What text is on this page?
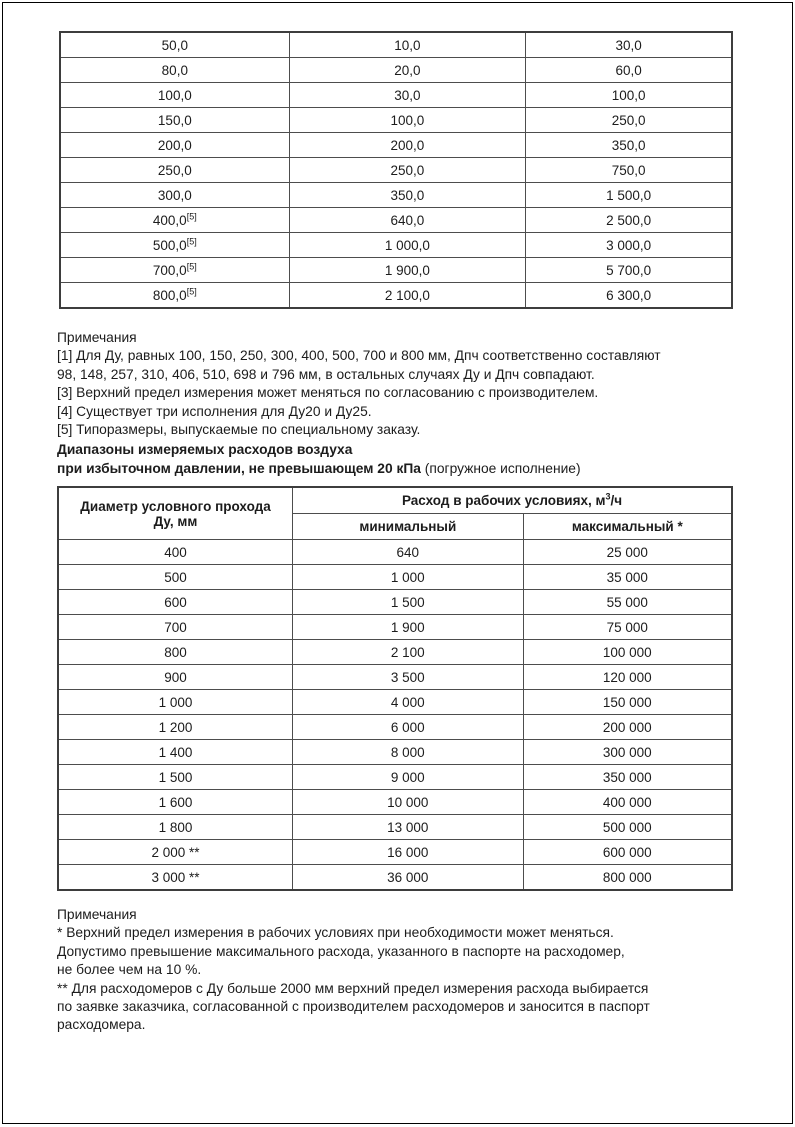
50,0	10,0	30,0
80,0	20,0	60,0
100,0	30,0	100,0
150,0	100,0	250,0
200,0	200,0	350,0
250,0	250,0	750,0
300,0	350,0	1 500,0
400,0[5]	640,0	2 500,0
500,0[5]	1 000,0	3 000,0
700,0[5]	1 900,0	5 700,0
800,0[5]	2 100,0	6 300,0
Примечания
[1] Для Ду, равных 100, 150, 250, 300, 400, 500, 700 и 800 мм, Дпч соответственно составляют
98, 148, 257, 310, 406, 510, 698 и 796 мм, в остальных случаях Ду и Дпч совпадают.
[3] Верхний предел измерения может меняться по согласованию с производителем.
[4] Существует три исполнения для Ду20 и Ду25.
[5] Типоразмеры, выпускаемые по специальному заказу.
Диапазоны измеряемых расходов воздуха
при избыточном давлении, не превышающем 20 кПа (погружное исполнение)
Диаметр условного прохода
Ду, мм	Расход в рабочих условиях, $м^3/ч$	
	минимальный	максимальный *
400	640	25 000
500	1 000	35 000
600	1 500	55 000
700	1 900	75 000
800	2 100	100 000
900	3 500	120 000
1 000	4 000	150 000
1 200	6 000	200 000
1 400	8 000	300 000
1 500	9 000	350 000
1 600	10 000	400 000
1 800	13 000	500 000
2 000 **	16 000	600 000
3 000 **	36 000	800 000
Примечания
* Верхний предел измерения в рабочих условиях при необходимости может меняться.
Допустимо превышение максимального расхода, указанного в паспорте на расходомер,
не более чем на 10 %.
** Для расходомеров с Ду больше 2000 мм верхний предел измерения расхода выбирается
по заявке заказчика, согласованной с производителем расходомеров и заносится в паспорт
расходомера.
